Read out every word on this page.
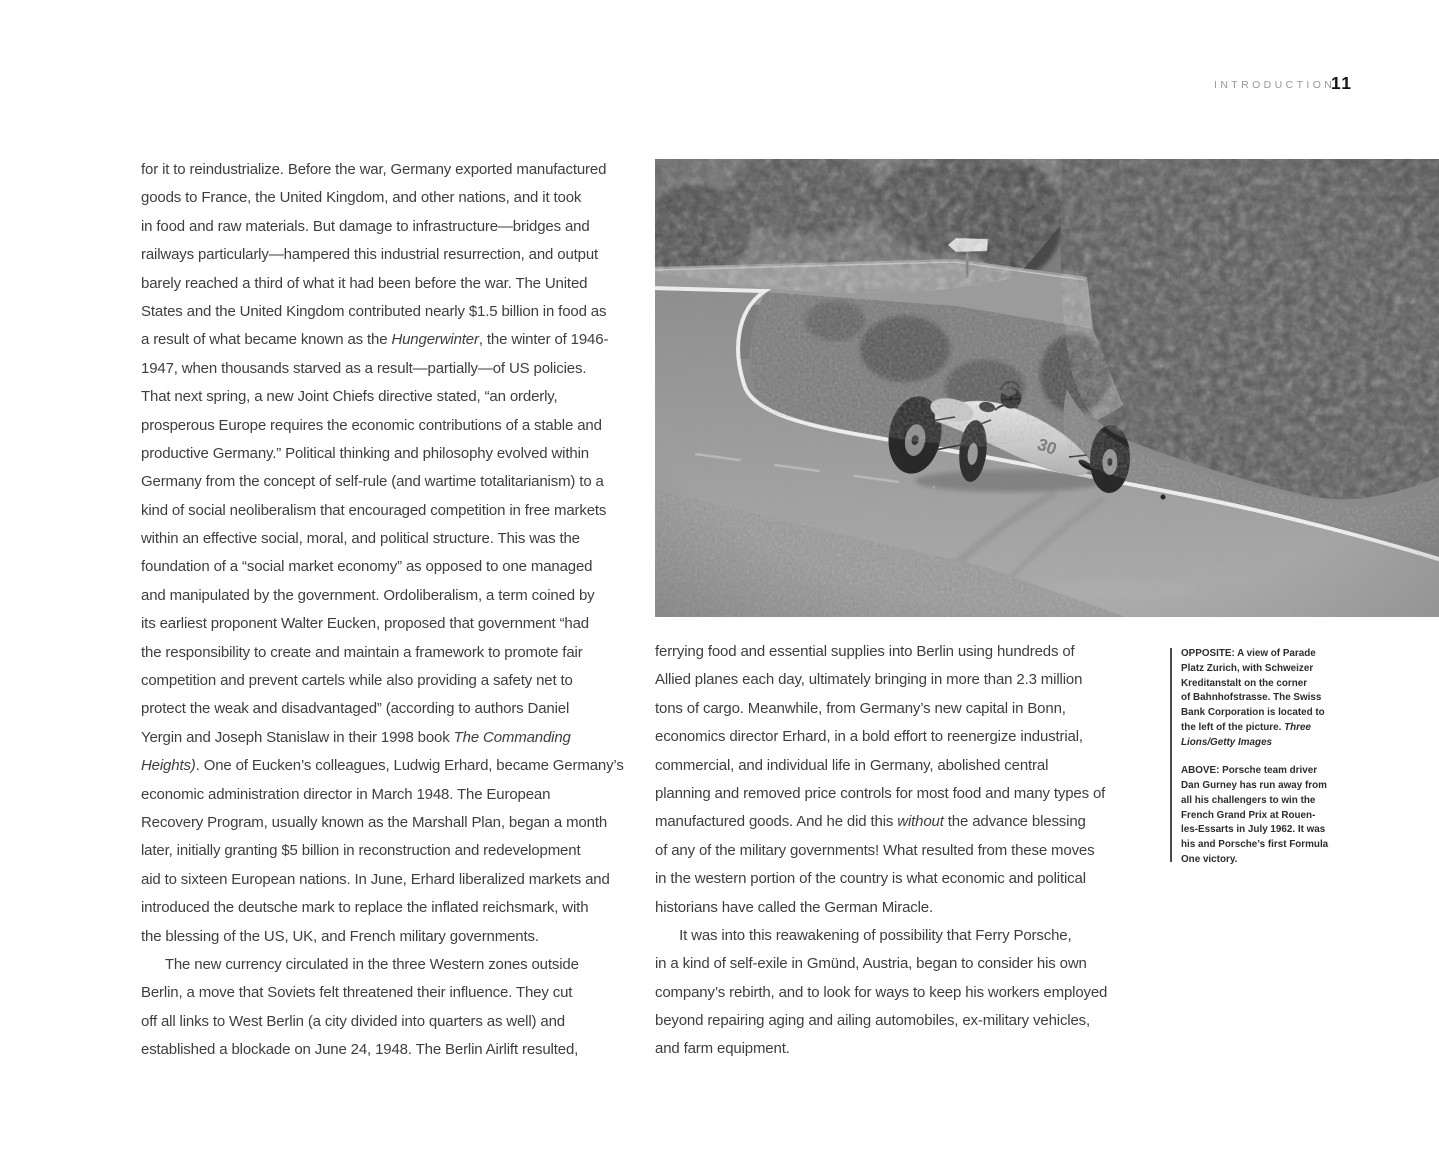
INTRODUCTION
11
for it to reindustrialize. Before the war, Germany exported manufactured
goods to France, the United Kingdom, and other nations, and it took
in food and raw materials. But damage to infrastructure—bridges and
railways particularly—hampered this industrial resurrection, and output
barely reached a third of what it had been before the war. The United
States and the United Kingdom contributed nearly $1.5 billion in food as
a result of what became known as the Hungerwinter, the winter of 1946-
1947, when thousands starved as a result—partially—of US policies.
That next spring, a new Joint Chiefs directive stated, “an orderly,
prosperous Europe requires the economic contributions of a stable and
productive Germany.” Political thinking and philosophy evolved within
Germany from the concept of self-rule (and wartime totalitarianism) to a
kind of social neoliberalism that encouraged competition in free markets
within an effective social, moral, and political structure. This was the
foundation of a “social market economy” as opposed to one managed
and manipulated by the government. Ordoliberalism, a term coined by
its earliest proponent Walter Eucken, proposed that government “had
the responsibility to create and maintain a framework to promote fair
competition and prevent cartels while also providing a safety net to
protect the weak and disadvantaged” (according to authors Daniel
Yergin and Joseph Stanislaw in their 1998 book The Commanding
Heights). One of Eucken’s colleagues, Ludwig Erhard, became Germany’s
economic administration director in March 1948. The European
Recovery Program, usually known as the Marshall Plan, began a month
later, initially granting $5 billion in reconstruction and redevelopment
aid to sixteen European nations. In June, Erhard liberalized markets and
introduced the deutsche mark to replace the inflated reichsmark, with
the blessing of the US, UK, and French military governments.
The new currency circulated in the three Western zones outside
Berlin, a move that Soviets felt threatened their influence. They cut
off all links to West Berlin (a city divided into quarters as well) and
established a blockade on June 24, 1948. The Berlin Airlift resulted,
ferrying food and essential supplies into Berlin using hundreds of
Allied planes each day, ultimately bringing in more than 2.3 million
tons of cargo. Meanwhile, from Germany’s new capital in Bonn,
economics director Erhard, in a bold effort to reenergize industrial,
commercial, and individual life in Germany, abolished central
planning and removed price controls for most food and many types of
manufactured goods. And he did this without the advance blessing
of any of the military governments! What resulted from these moves
in the western portion of the country is what economic and political
historians have called the German Miracle.
It was into this reawakening of possibility that Ferry Porsche,
in a kind of self-exile in Gmünd, Austria, began to consider his own
company’s rebirth, and to look for ways to keep his workers employed
beyond repairing aging and ailing automobiles, ex-military vehicles,
and farm equipment.
OPPOSITE: A view of Parade
Platz Zurich, with Schweizer
Kreditanstalt on the corner
of Bahnhofstrasse. The Swiss
Bank Corporation is located to
the left of the picture. Three
Lions/Getty Images
ABOVE: Porsche team driver
Dan Gurney has run away from
all his challengers to win the
French Grand Prix at Rouen-
les-Essarts in July 1962. It was
his and Porsche’s first Formula
One victory.
